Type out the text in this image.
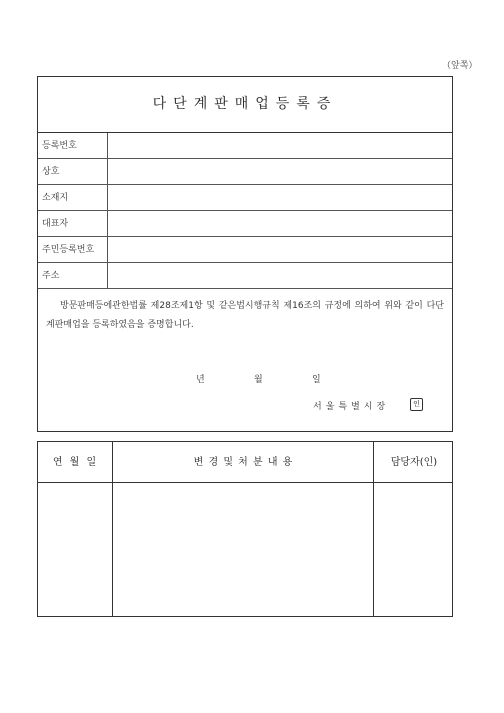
（앞쪽）
다단계판매업등록증
등록번호
상호
소재지
대표자
주민등록번호
주소
방문판매등에관한법률 제28조제1항 및 같은법시행규칙 제16조의 규정에 의하여 위와 같이 다단계판매업을 등록하였음을 증명합니다.
년	월	일
서울특별시장	인
연 월 일	변 경 및 처 분 내 용	담당자(인)
